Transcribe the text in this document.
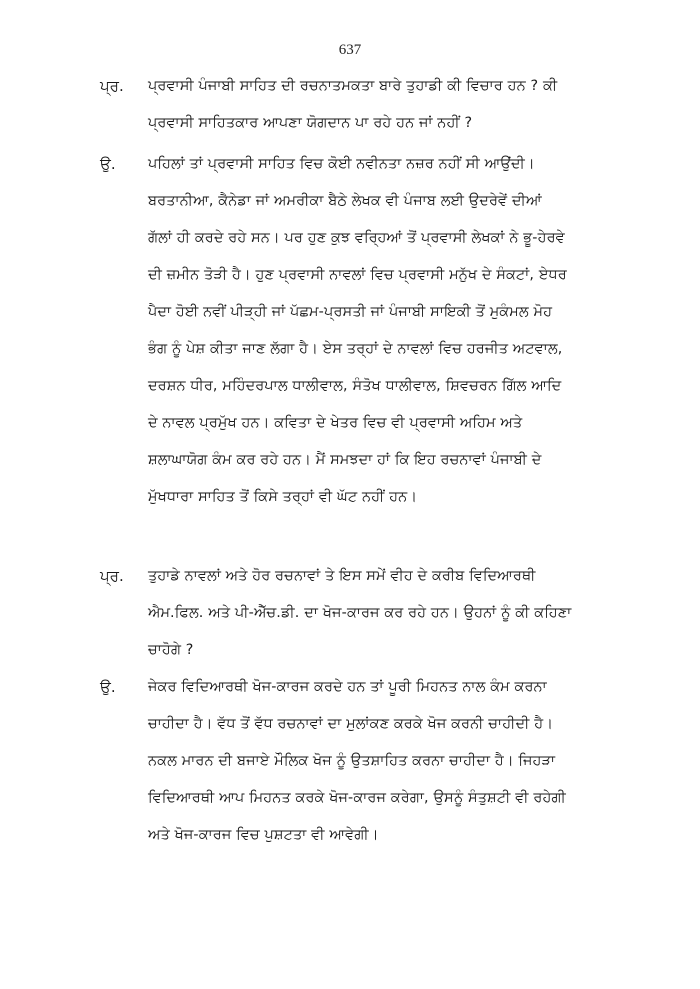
637
ਪ੍ਰ.	ਪ੍ਰਵਾਸੀ ਪੰਜਾਬੀ ਸਾਹਿਤ ਦੀ ਰਚਨਾਤਮਕਤਾ ਬਾਰੇ ਤੁਹਾਡੀ ਕੀ ਵਿਚਾਰ ਹਨ ? ਕੀ
ਪ੍ਰਵਾਸੀ ਸਾਹਿਤਕਾਰ ਆਪਣਾ ਯੋਗਦਾਨ ਪਾ ਰਹੇ ਹਨ ਜਾਂ ਨਹੀਂ ?
ਉ.	ਪਹਿਲਾਂ ਤਾਂ ਪ੍ਰਵਾਸੀ ਸਾਹਿਤ ਵਿਚ ਕੋਈ ਨਵੀਨਤਾ ਨਜ਼ਰ ਨਹੀਂ ਸੀ ਆਉਂਦੀ।
ਬਰਤਾਨੀਆ, ਕੈਨੇਡਾ ਜਾਂ ਅਮਰੀਕਾ ਬੈਠੇ ਲੇਖਕ ਵੀ ਪੰਜਾਬ ਲਈ ਉਦਰੇਵੇਂ ਦੀਆਂ
ਗੱਲਾਂ ਹੀ ਕਰਦੇ ਰਹੇ ਸਨ। ਪਰ ਹੁਣ ਕੁਝ ਵਰ੍ਹਿਆਂ ਤੋਂ ਪ੍ਰਵਾਸੀ ਲੇਖਕਾਂ ਨੇ ਭੂ-ਹੇਰਵੇ
ਦੀ ਜ਼ਮੀਨ ਤੋੜੀ ਹੈ। ਹੁਣ ਪ੍ਰਵਾਸੀ ਨਾਵਲਾਂ ਵਿਚ ਪ੍ਰਵਾਸੀ ਮਨੁੱਖ ਦੇ ਸੰਕਟਾਂ, ਏਧਰ
ਪੈਦਾ ਹੋਈ ਨਵੀਂ ਪੀੜ੍ਹੀ ਜਾਂ ਪੱਛਮ-ਪ੍ਰਸਤੀ ਜਾਂ ਪੰਜਾਬੀ ਸਾਇਕੀ ਤੋਂ ਮੁਕੰਮਲ ਮੋਹ
ਭੰਗ ਨੂੰ ਪੇਸ਼ ਕੀਤਾ ਜਾਣ ਲੱਗਾ ਹੈ। ਏਸ ਤਰ੍ਹਾਂ ਦੇ ਨਾਵਲਾਂ ਵਿਚ ਹਰਜੀਤ ਅਟਵਾਲ,
ਦਰਸ਼ਨ ਧੀਰ, ਮਹਿੰਦਰਪਾਲ ਧਾਲੀਵਾਲ, ਸੰਤੋਖ ਧਾਲੀਵਾਲ, ਸ਼ਿਵਚਰਨ ਗਿੱਲ ਆਦਿ
ਦੇ ਨਾਵਲ ਪ੍ਰਮੁੱਖ ਹਨ। ਕਵਿਤਾ ਦੇ ਖੇਤਰ ਵਿਚ ਵੀ ਪ੍ਰਵਾਸੀ ਅਹਿਮ ਅਤੇ
ਸ਼ਲਾਘਾਯੋਗ ਕੰਮ ਕਰ ਰਹੇ ਹਨ। ਮੈਂ ਸਮਝਦਾ ਹਾਂ ਕਿ ਇਹ ਰਚਨਾਵਾਂ ਪੰਜਾਬੀ ਦੇ
ਮੁੱਖਧਾਰਾ ਸਾਹਿਤ ਤੋਂ ਕਿਸੇ ਤਰ੍ਹਾਂ ਵੀ ਘੱਟ ਨਹੀਂ ਹਨ।
ਪ੍ਰ.	ਤੁਹਾਡੇ ਨਾਵਲਾਂ ਅਤੇ ਹੋਰ ਰਚਨਾਵਾਂ ਤੇ ਇਸ ਸਮੇਂ ਵੀਹ ਦੇ ਕਰੀਬ ਵਿਦਿਆਰਥੀ
ਐਮ.ਫਿਲ. ਅਤੇ ਪੀ-ਐੱਚ.ਡੀ. ਦਾ ਖੋਜ-ਕਾਰਜ ਕਰ ਰਹੇ ਹਨ। ਉਹਨਾਂ ਨੂੰ ਕੀ ਕਹਿਣਾ
ਚਾਹੋਗੇ ?
ਉ.	ਜੇਕਰ ਵਿਦਿਆਰਥੀ ਖੋਜ-ਕਾਰਜ ਕਰਦੇ ਹਨ ਤਾਂ ਪੂਰੀ ਮਿਹਨਤ ਨਾਲ ਕੰਮ ਕਰਨਾ
ਚਾਹੀਦਾ ਹੈ। ਵੱਧ ਤੋਂ ਵੱਧ ਰਚਨਾਵਾਂ ਦਾ ਮੁਲਾਂਕਣ ਕਰਕੇ ਖੋਜ ਕਰਨੀ ਚਾਹੀਦੀ ਹੈ।
ਨਕਲ ਮਾਰਨ ਦੀ ਬਜਾਏ ਮੌਲਿਕ ਖੋਜ ਨੂੰ ਉਤਸ਼ਾਹਿਤ ਕਰਨਾ ਚਾਹੀਦਾ ਹੈ। ਜਿਹੜਾ
ਵਿਦਿਆਰਥੀ ਆਪ ਮਿਹਨਤ ਕਰਕੇ ਖੋਜ-ਕਾਰਜ ਕਰੇਗਾ, ਉਸਨੂੰ ਸੰਤੁਸ਼ਟੀ ਵੀ ਰਹੇਗੀ
ਅਤੇ ਖੋਜ-ਕਾਰਜ ਵਿਚ ਪੁਸ਼ਟਤਾ ਵੀ ਆਵੇਗੀ।
